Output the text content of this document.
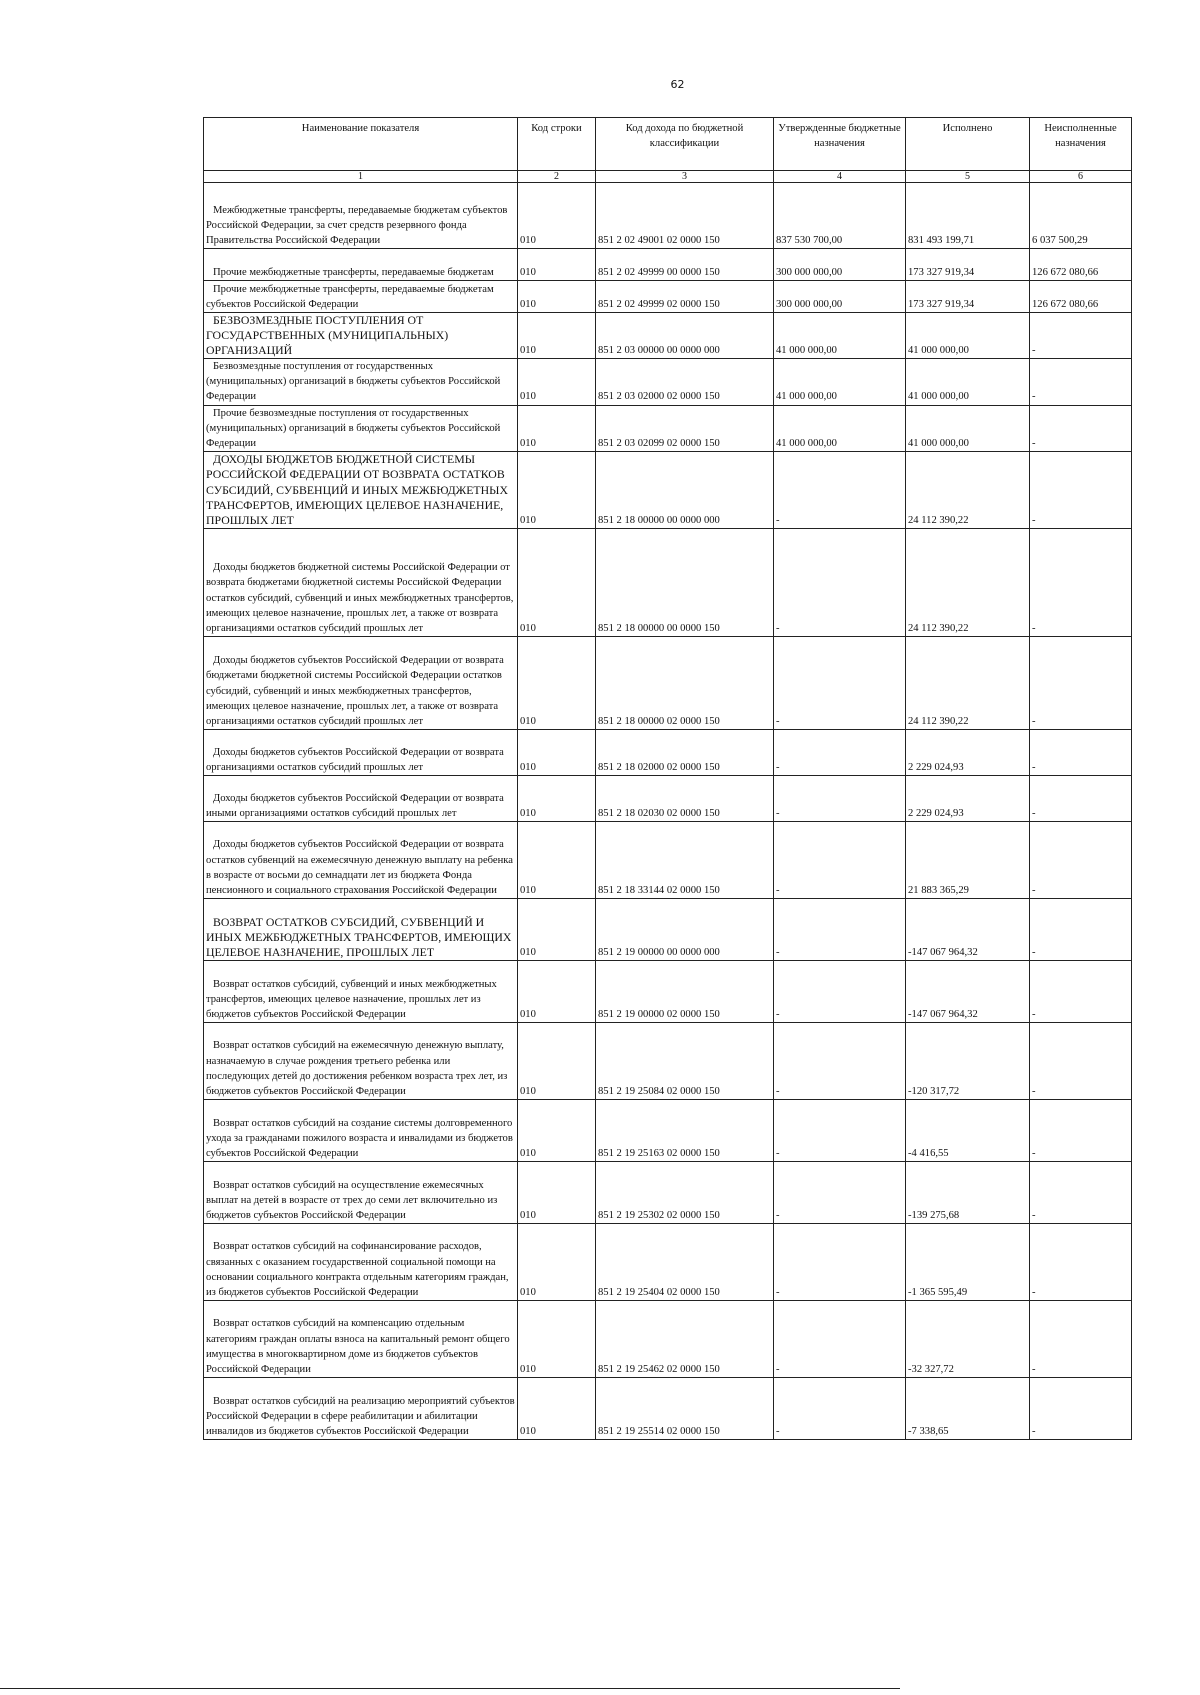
62
Наименование показателя	Код строки	Код дохода по бюджетной классификации	Утвержденные бюджетные назначения	Исполнено	Неисполненные назначения
1	2	3	4	5	6
Межбюджетные трансферты, передаваемые бюджетам субъектов Российской Федерации, за счет средств резервного фонда Правительства Российской Федерации	010	851 2 02 49001 02 0000 150	837 530 700,00	831 493 199,71	6 037 500,29
Прочие межбюджетные трансферты, передаваемые бюджетам	010	851 2 02 49999 00 0000 150	300 000 000,00	173 327 919,34	126 672 080,66
Прочие межбюджетные трансферты, передаваемые бюджетам субъектов Российской Федерации	010	851 2 02 49999 02 0000 150	300 000 000,00	173 327 919,34	126 672 080,66
БЕЗВОЗМЕЗДНЫЕ ПОСТУПЛЕНИЯ ОТ ГОСУДАРСТВЕННЫХ (МУНИЦИПАЛЬНЫХ) ОРГАНИЗАЦИЙ	010	851 2 03 00000 00 0000 000	41 000 000,00	41 000 000,00	-
Безвозмездные поступления от государственных (муниципальных) организаций в бюджеты субъектов Российской Федерации	010	851 2 03 02000 02 0000 150	41 000 000,00	41 000 000,00	-
Прочие безвозмездные поступления от государственных (муниципальных) организаций в бюджеты субъектов Российской Федерации	010	851 2 03 02099 02 0000 150	41 000 000,00	41 000 000,00	-
ДОХОДЫ БЮДЖЕТОВ БЮДЖЕТНОЙ СИСТЕМЫ РОССИЙСКОЙ ФЕДЕРАЦИИ ОТ ВОЗВРАТА ОСТАТКОВ СУБСИДИЙ, СУБВЕНЦИЙ И ИНЫХ МЕЖБЮДЖЕТНЫХ ТРАНСФЕРТОВ, ИМЕЮЩИХ ЦЕЛЕВОЕ НАЗНАЧЕНИЕ, ПРОШЛЫХ ЛЕТ	010	851 2 18 00000 00 0000 000	-	24 112 390,22	-
Доходы бюджетов бюджетной системы Российской Федерации от возврата бюджетами бюджетной системы Российской Федерации остатков субсидий, субвенций и иных межбюджетных трансфертов, имеющих целевое назначение, прошлых лет, а также от возврата организациями остатков субсидий прошлых лет	010	851 2 18 00000 00 0000 150	-	24 112 390,22	-
Доходы бюджетов субъектов Российской Федерации от возврата бюджетами бюджетной системы Российской Федерации остатков субсидий, субвенций и иных межбюджетных трансфертов, имеющих целевое назначение, прошлых лет, а также от возврата организациями остатков субсидий прошлых лет	010	851 2 18 00000 02 0000 150	-	24 112 390,22	-
Доходы бюджетов субъектов Российской Федерации от возврата организациями остатков субсидий прошлых лет	010	851 2 18 02000 02 0000 150	-	2 229 024,93	-
Доходы бюджетов субъектов Российской Федерации от возврата иными организациями остатков субсидий прошлых лет	010	851 2 18 02030 02 0000 150	-	2 229 024,93	-
Доходы бюджетов субъектов Российской Федерации от возврата остатков субвенций на ежемесячную денежную выплату на ребенка в возрасте от восьми до семнадцати лет из бюджета Фонда пенсионного и социального страхования Российской Федерации	010	851 2 18 33144 02 0000 150	-	21 883 365,29	-
ВОЗВРАТ ОСТАТКОВ СУБСИДИЙ, СУБВЕНЦИЙ И ИНЫХ МЕЖБЮДЖЕТНЫХ ТРАНСФЕРТОВ, ИМЕЮЩИХ ЦЕЛЕВОЕ НАЗНАЧЕНИЕ, ПРОШЛЫХ ЛЕТ	010	851 2 19 00000 00 0000 000	-	-147 067 964,32	-
Возврат остатков субсидий, субвенций и иных межбюджетных трансфертов, имеющих целевое назначение, прошлых лет из бюджетов субъектов Российской Федерации	010	851 2 19 00000 02 0000 150	-	-147 067 964,32	-
Возврат остатков субсидий на ежемесячную денежную выплату, назначаемую в случае рождения третьего ребенка или последующих детей до достижения ребенком возраста трех лет, из бюджетов субъектов Российской Федерации	010	851 2 19 25084 02 0000 150	-	-120 317,72	-
Возврат остатков субсидий на создание системы долговременного ухода за гражданами пожилого возраста и инвалидами из бюджетов субъектов Российской Федерации	010	851 2 19 25163 02 0000 150	-	-4 416,55	-
Возврат остатков субсидий на осуществление ежемесячных выплат на детей в возрасте от трех до семи лет включительно из бюджетов субъектов Российской Федерации	010	851 2 19 25302 02 0000 150	-	-139 275,68	-
Возврат остатков субсидий на софинансирование расходов, связанных с оказанием государственной социальной помощи на основании социального контракта отдельным категориям граждан, из бюджетов субъектов Российской Федерации	010	851 2 19 25404 02 0000 150	-	-1 365 595,49	-
Возврат остатков субсидий на компенсацию отдельным категориям граждан оплаты взноса на капитальный ремонт общего имущества в многоквартирном доме из бюджетов субъектов Российской Федерации	010	851 2 19 25462 02 0000 150	-	-32 327,72	-
Возврат остатков субсидий на реализацию мероприятий субъектов Российской Федерации в сфере реабилитации и абилитации инвалидов из бюджетов субъектов Российской Федерации	010	851 2 19 25514 02 0000 150	-	-7 338,65	-
